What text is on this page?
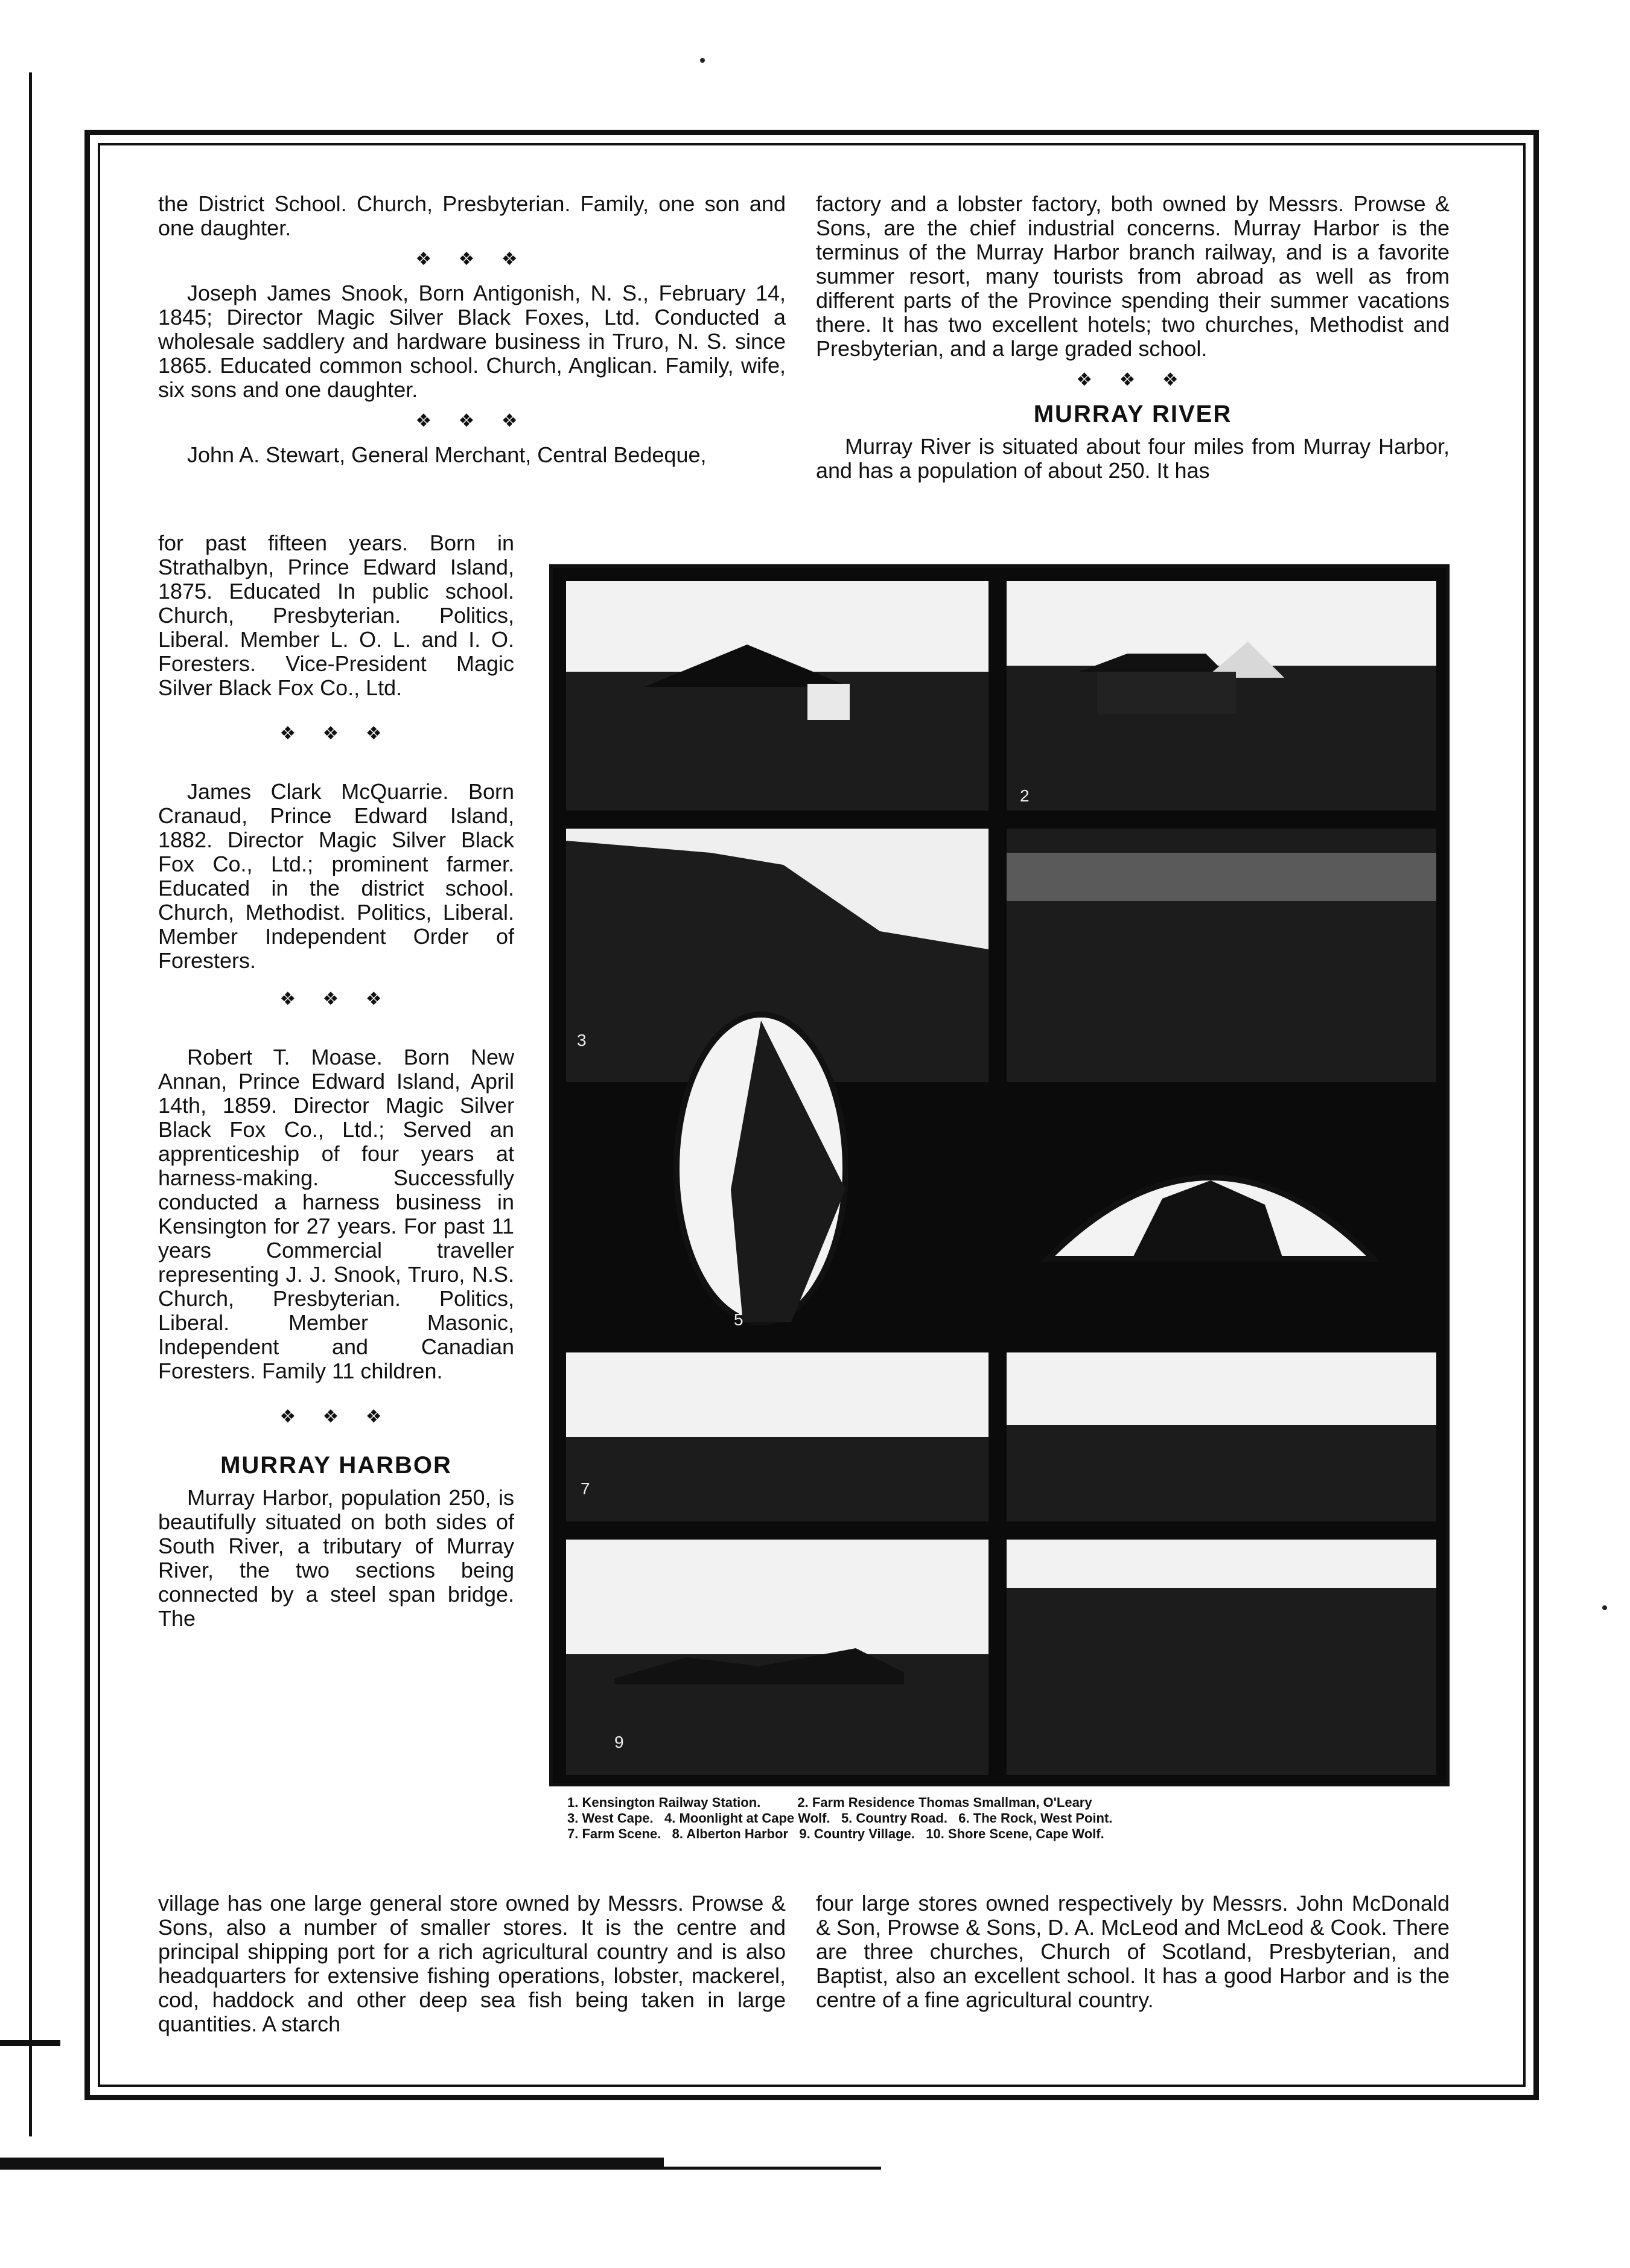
the District School. Church, Presbyterian. Family, one son and one daughter.

❖ ❖ ❖

Joseph James Snook, Born Antigonish, N. S., February 14, 1845; Director Magic Silver Black Foxes, Ltd. Conducted a wholesale saddlery and hardware business in Truro, N. S. since 1865. Educated common school. Church, Anglican. Family, wife, six sons and one daughter.

❖ ❖ ❖

John A. Stewart, General Merchant, Central Bedeque,

for past fifteen years. Born in Strathalbyn, Prince Edward Island, 1875. Educated In public school. Church, Presbyterian. Politics, Liberal. Member L. O. L. and I. O. Foresters. Vice-President Magic Silver Black Fox Co., Ltd.

❖ ❖ ❖

James Clark McQuarrie. Born Cranaud, Prince Edward Island, 1882. Director Magic Silver Black Fox Co., Ltd.; prominent farmer. Educated in the district school. Church, Methodist. Politics, Liberal. Member Independent Order of Foresters.

❖ ❖ ❖

Robert T. Moase. Born New Annan, Prince Edward Island, April 14th, 1859. Director Magic Silver Black Fox Co., Ltd.; Served an apprenticeship of four years at harness-making. Successfully conducted a harness business in Kensington for 27 years. For past 11 years Commercial traveller representing J. J. Snook, Truro, N.S. Church, Presbyterian. Politics, Liberal. Member Masonic, Independent and Canadian Foresters. Family 11 children.

❖ ❖ ❖
MURRAY HARBOR

Murray Harbor, population 250, is beautifully situated on both sides of South River, a tributary of Murray River, the two sections being connected by a steel span bridge. The

village has one large general store owned by Messrs. Prowse & Sons, also a number of smaller stores. It is the centre and principal shipping port for a rich agricultural country and is also headquarters for extensive fishing operations, lobster, mackerel, cod, haddock and other deep sea fish being taken in large quantities. A starch

factory and a lobster factory, both owned by Messrs. Prowse & Sons, are the chief industrial concerns. Murray Harbor is the terminus of the Murray Harbor branch railway, and is a favorite summer resort, many tourists from abroad as well as from different parts of the Province spending their summer vacations there. It has two excellent hotels; two churches, Methodist and Presbyterian, and a large graded school.

❖ ❖ ❖
MURRAY RIVER

Murray River is situated about four miles from Murray Harbor, and has a population of about 250. It has

four large stores owned respectively by Messrs. John McDonald & Son, Prowse & Sons, D. A. McLeod and McLeod & Cook. There are three churches, Church of Scotland, Presbyterian, and Baptist, also an excellent school. It has a good Harbor and is the centre of a fine agricultural country.

2
3
5
7
9
1. Kensington Railway Station.	2. Farm Residence Thomas Smallman, O'Leary
3. West Cape. 4. Moonlight at Cape Wolf. 5. Country Road. 6. The Rock, West Point.
7. Farm Scene. 8. Alberton Harbor 9. Country Village. 10. Shore Scene, Cape Wolf.
